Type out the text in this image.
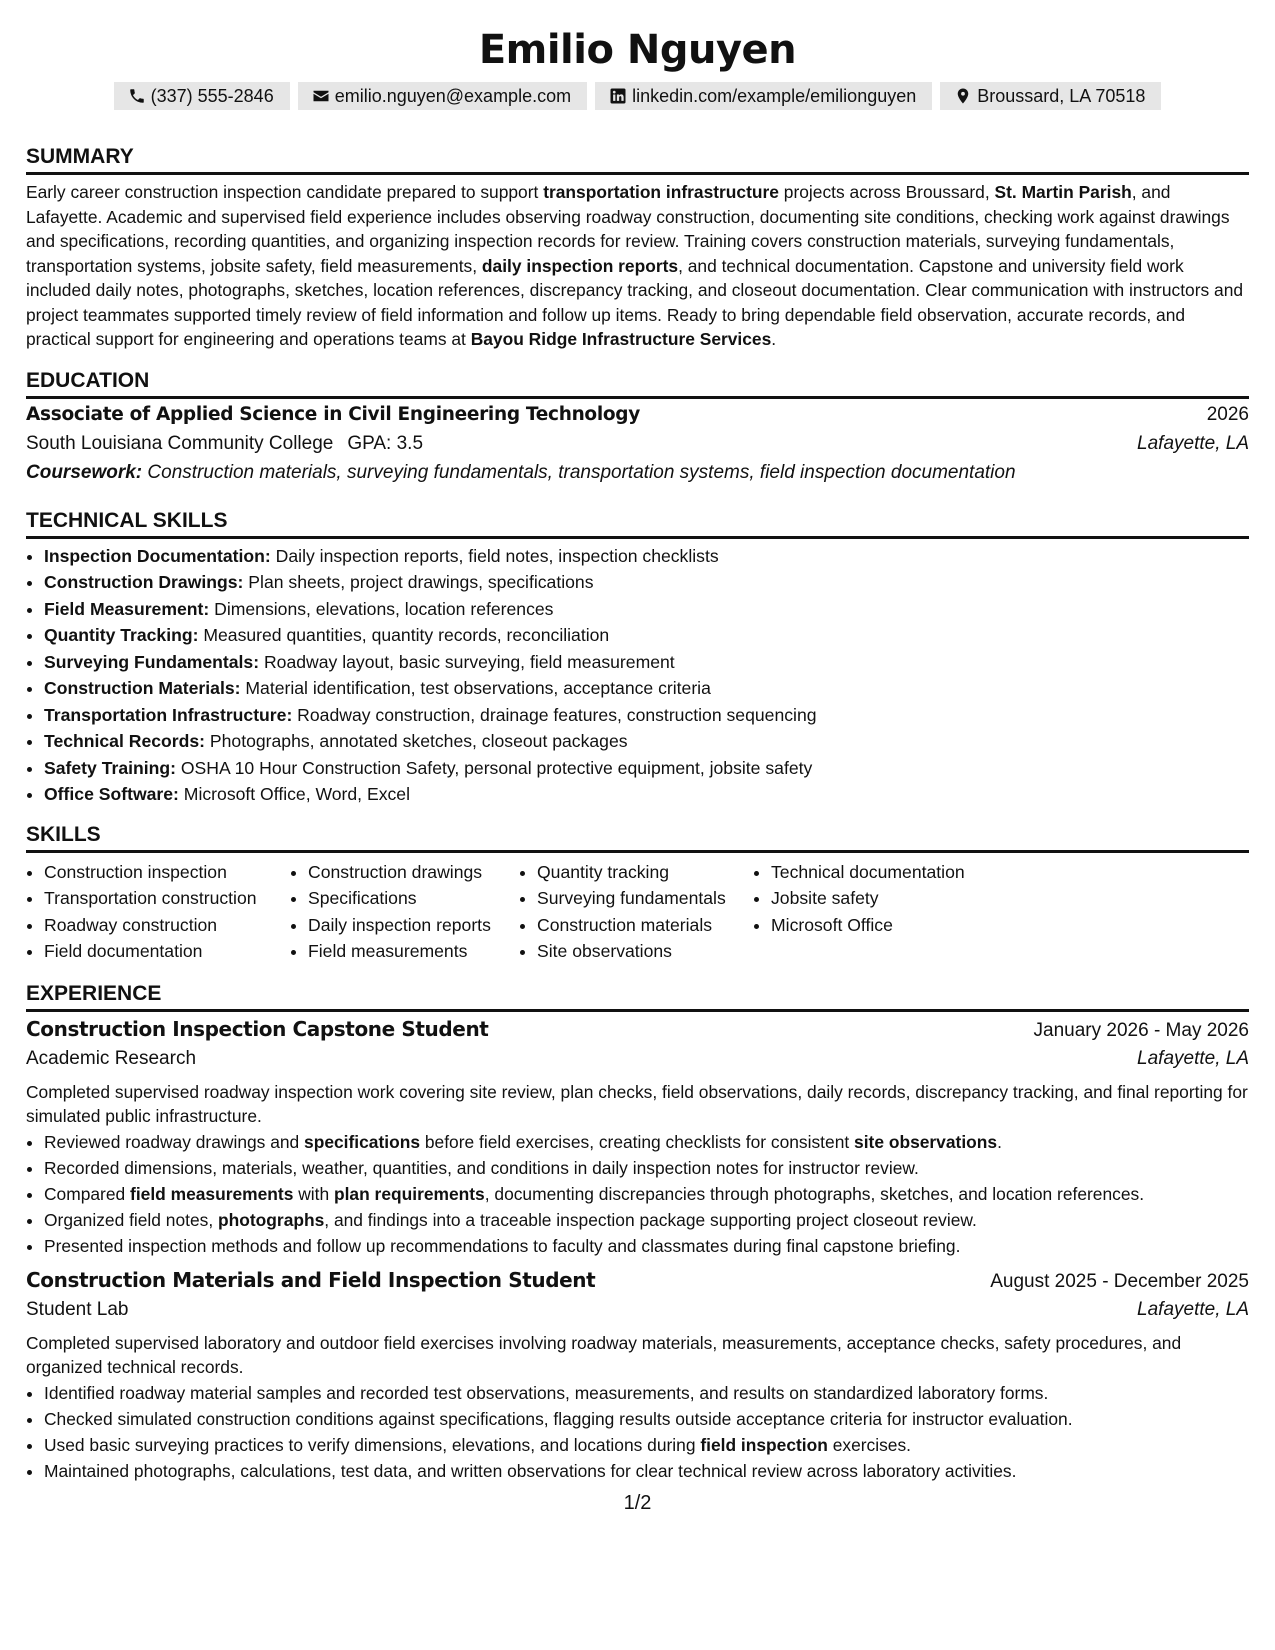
Emilio Nguyen
(337) 555-2846	emilio.nguyen@example.com	linkedin.com/example/emilionguyen	Broussard, LA 70518
SUMMARY
Early career construction inspection candidate prepared to support transportation infrastructure projects across Broussard, St. Martin Parish, and Lafayette. Academic and supervised field experience includes observing roadway construction, documenting site conditions, checking work against drawings and specifications, recording quantities, and organizing inspection records for review. Training covers construction materials, surveying fundamentals, transportation systems, jobsite safety, field measurements, daily inspection reports, and technical documentation. Capstone and university field work included daily notes, photographs, sketches, location references, discrepancy tracking, and closeout documentation. Clear communication with instructors and project teammates supported timely review of field information and follow up items. Ready to bring dependable field observation, accurate records, and practical support for engineering and operations teams at Bayou Ridge Infrastructure Services.
EDUCATION
Associate of Applied Science in Civil Engineering Technology	2026
South Louisiana Community College GPA: 3.5	Lafayette, LA
Coursework: Construction materials, surveying fundamentals, transportation systems, field inspection documentation
TECHNICAL SKILLS
• Inspection Documentation: Daily inspection reports, field notes, inspection checklists
• Construction Drawings: Plan sheets, project drawings, specifications
• Field Measurement: Dimensions, elevations, location references
• Quantity Tracking: Measured quantities, quantity records, reconciliation
• Surveying Fundamentals: Roadway layout, basic surveying, field measurement
• Construction Materials: Material identification, test observations, acceptance criteria
• Transportation Infrastructure: Roadway construction, drainage features, construction sequencing
• Technical Records: Photographs, annotated sketches, closeout packages
• Safety Training: OSHA 10 Hour Construction Safety, personal protective equipment, jobsite safety
• Office Software: Microsoft Office, Word, Excel
SKILLS
• Construction inspection
• Transportation construction
• Roadway construction
• Field documentation
• Construction drawings
• Specifications
• Daily inspection reports
• Field measurements
• Quantity tracking
• Surveying fundamentals
• Construction materials
• Site observations
• Technical documentation
• Jobsite safety
• Microsoft Office
EXPERIENCE
Construction Inspection Capstone Student	January 2026 - May 2026
Academic Research	Lafayette, LA
Completed supervised roadway inspection work covering site review, plan checks, field observations, daily records, discrepancy tracking, and final reporting for simulated public infrastructure.
• Reviewed roadway drawings and specifications before field exercises, creating checklists for consistent site observations.
• Recorded dimensions, materials, weather, quantities, and conditions in daily inspection notes for instructor review.
• Compared field measurements with plan requirements, documenting discrepancies through photographs, sketches, and location references.
• Organized field notes, photographs, and findings into a traceable inspection package supporting project closeout review.
• Presented inspection methods and follow up recommendations to faculty and classmates during final capstone briefing.
Construction Materials and Field Inspection Student	August 2025 - December 2025
Student Lab	Lafayette, LA
Completed supervised laboratory and outdoor field exercises involving roadway materials, measurements, acceptance checks, safety procedures, and organized technical records.
• Identified roadway material samples and recorded test observations, measurements, and results on standardized laboratory forms.
• Checked simulated construction conditions against specifications, flagging results outside acceptance criteria for instructor evaluation.
• Used basic surveying practices to verify dimensions, elevations, and locations during field inspection exercises.
• Maintained photographs, calculations, test data, and written observations for clear technical review across laboratory activities.
1/2
